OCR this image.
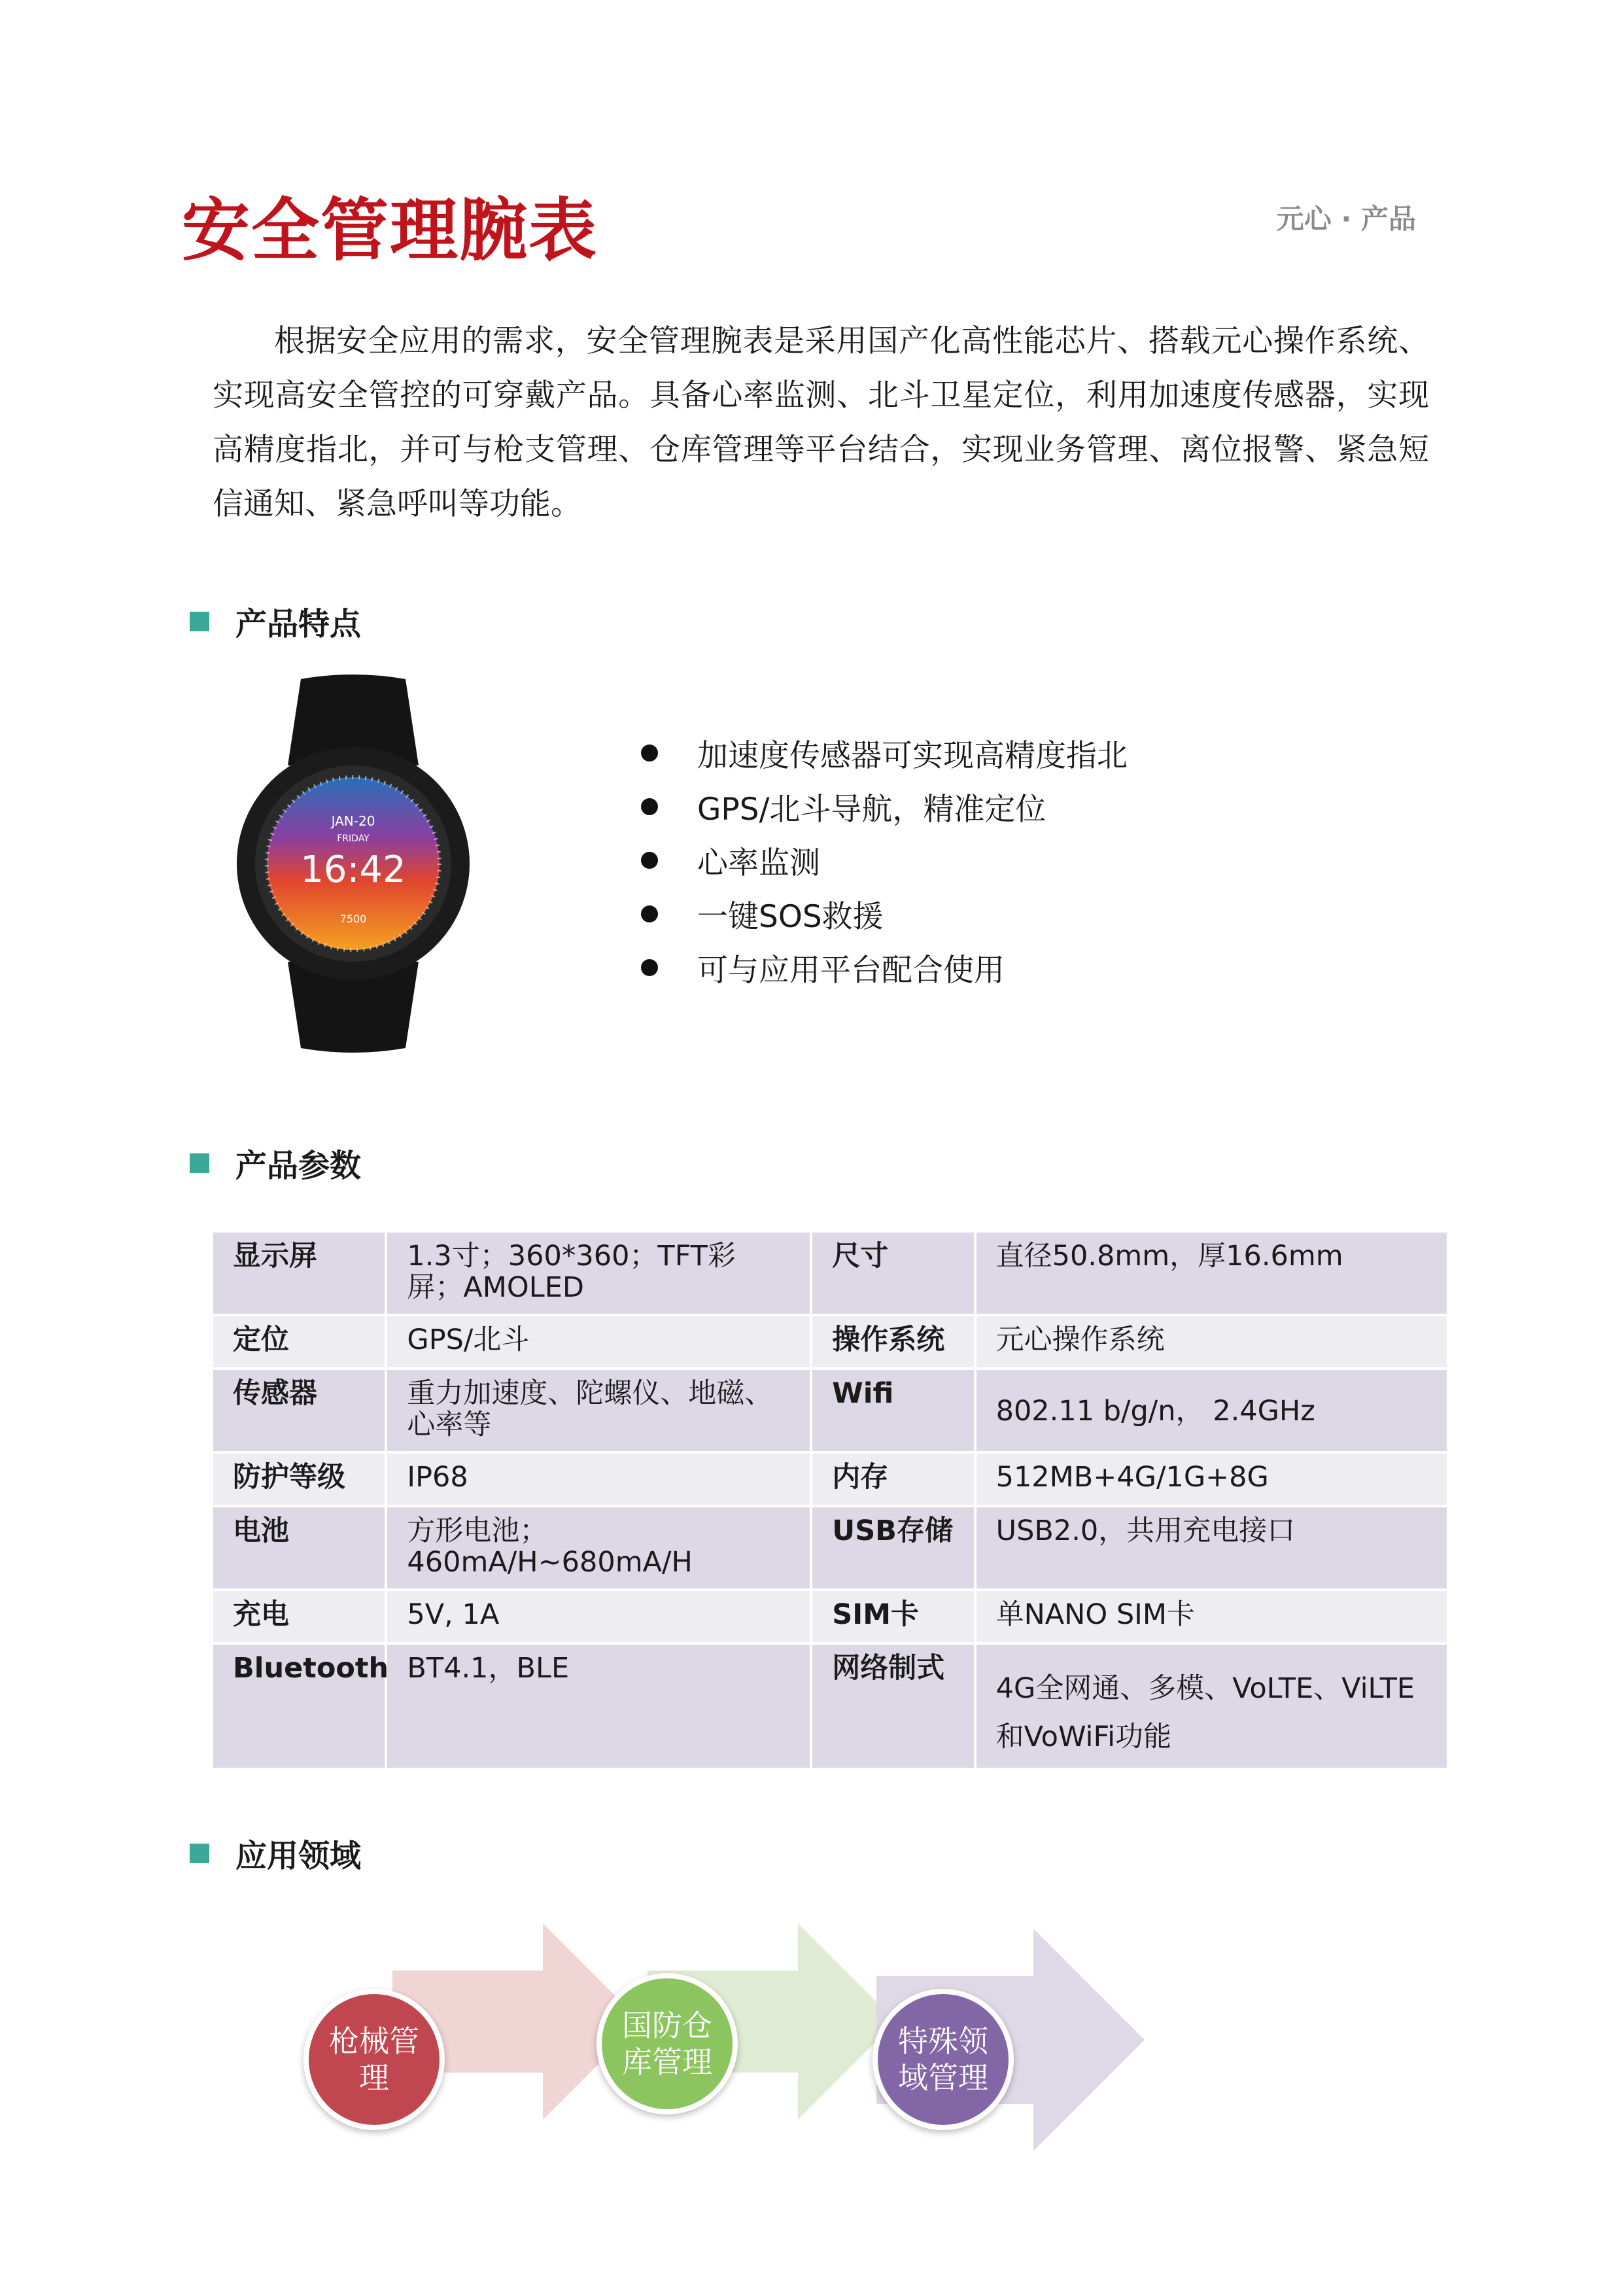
安全管理腕表	元心 · 产品

根据安全应用的需求，安全管理腕表是采用国产化高性能芯片、搭载元心操作系统、实现高安全管控的可穿戴产品。具备心率监测、北斗卫星定位，利用加速度传感器，实现高精度指北，并可与枪支管理、仓库管理等平台结合，实现业务管理、离位报警、紧急短信通知、紧急呼叫等功能。

产品特点
JAN-20
FRIDAY
16:42
7500
加速度传感器可实现高精度指北
GPS/北斗导航，精准定位
心率监测
一键SOS救援
可与应用平台配合使用
产品参数
显示屏	1.3寸；360*360；TFT彩屏；AMOLED	尺寸	直径50.8mm，厚16.6mm
定位	GPS/北斗	操作系统	元心操作系统
传感器	重力加速度、陀螺仪、地磁、心率等	Wifi	802.11 b/g/n， 2.4GHz
防护等级	IP68	内存	512MB+4G/1G+8G
电池	方形电池；460mA/H~680mA/H	USB存储	USB2.0，共用充电接口
充电	5V, 1A	SIM卡	单NANO SIM卡
Bluetooth	BT4.1，BLE	网络制式	4G全网通、多模、VoLTE、ViLTE和VoWiFi功能
应用领域
枪械管理
国防仓库管理
特殊领域管理
